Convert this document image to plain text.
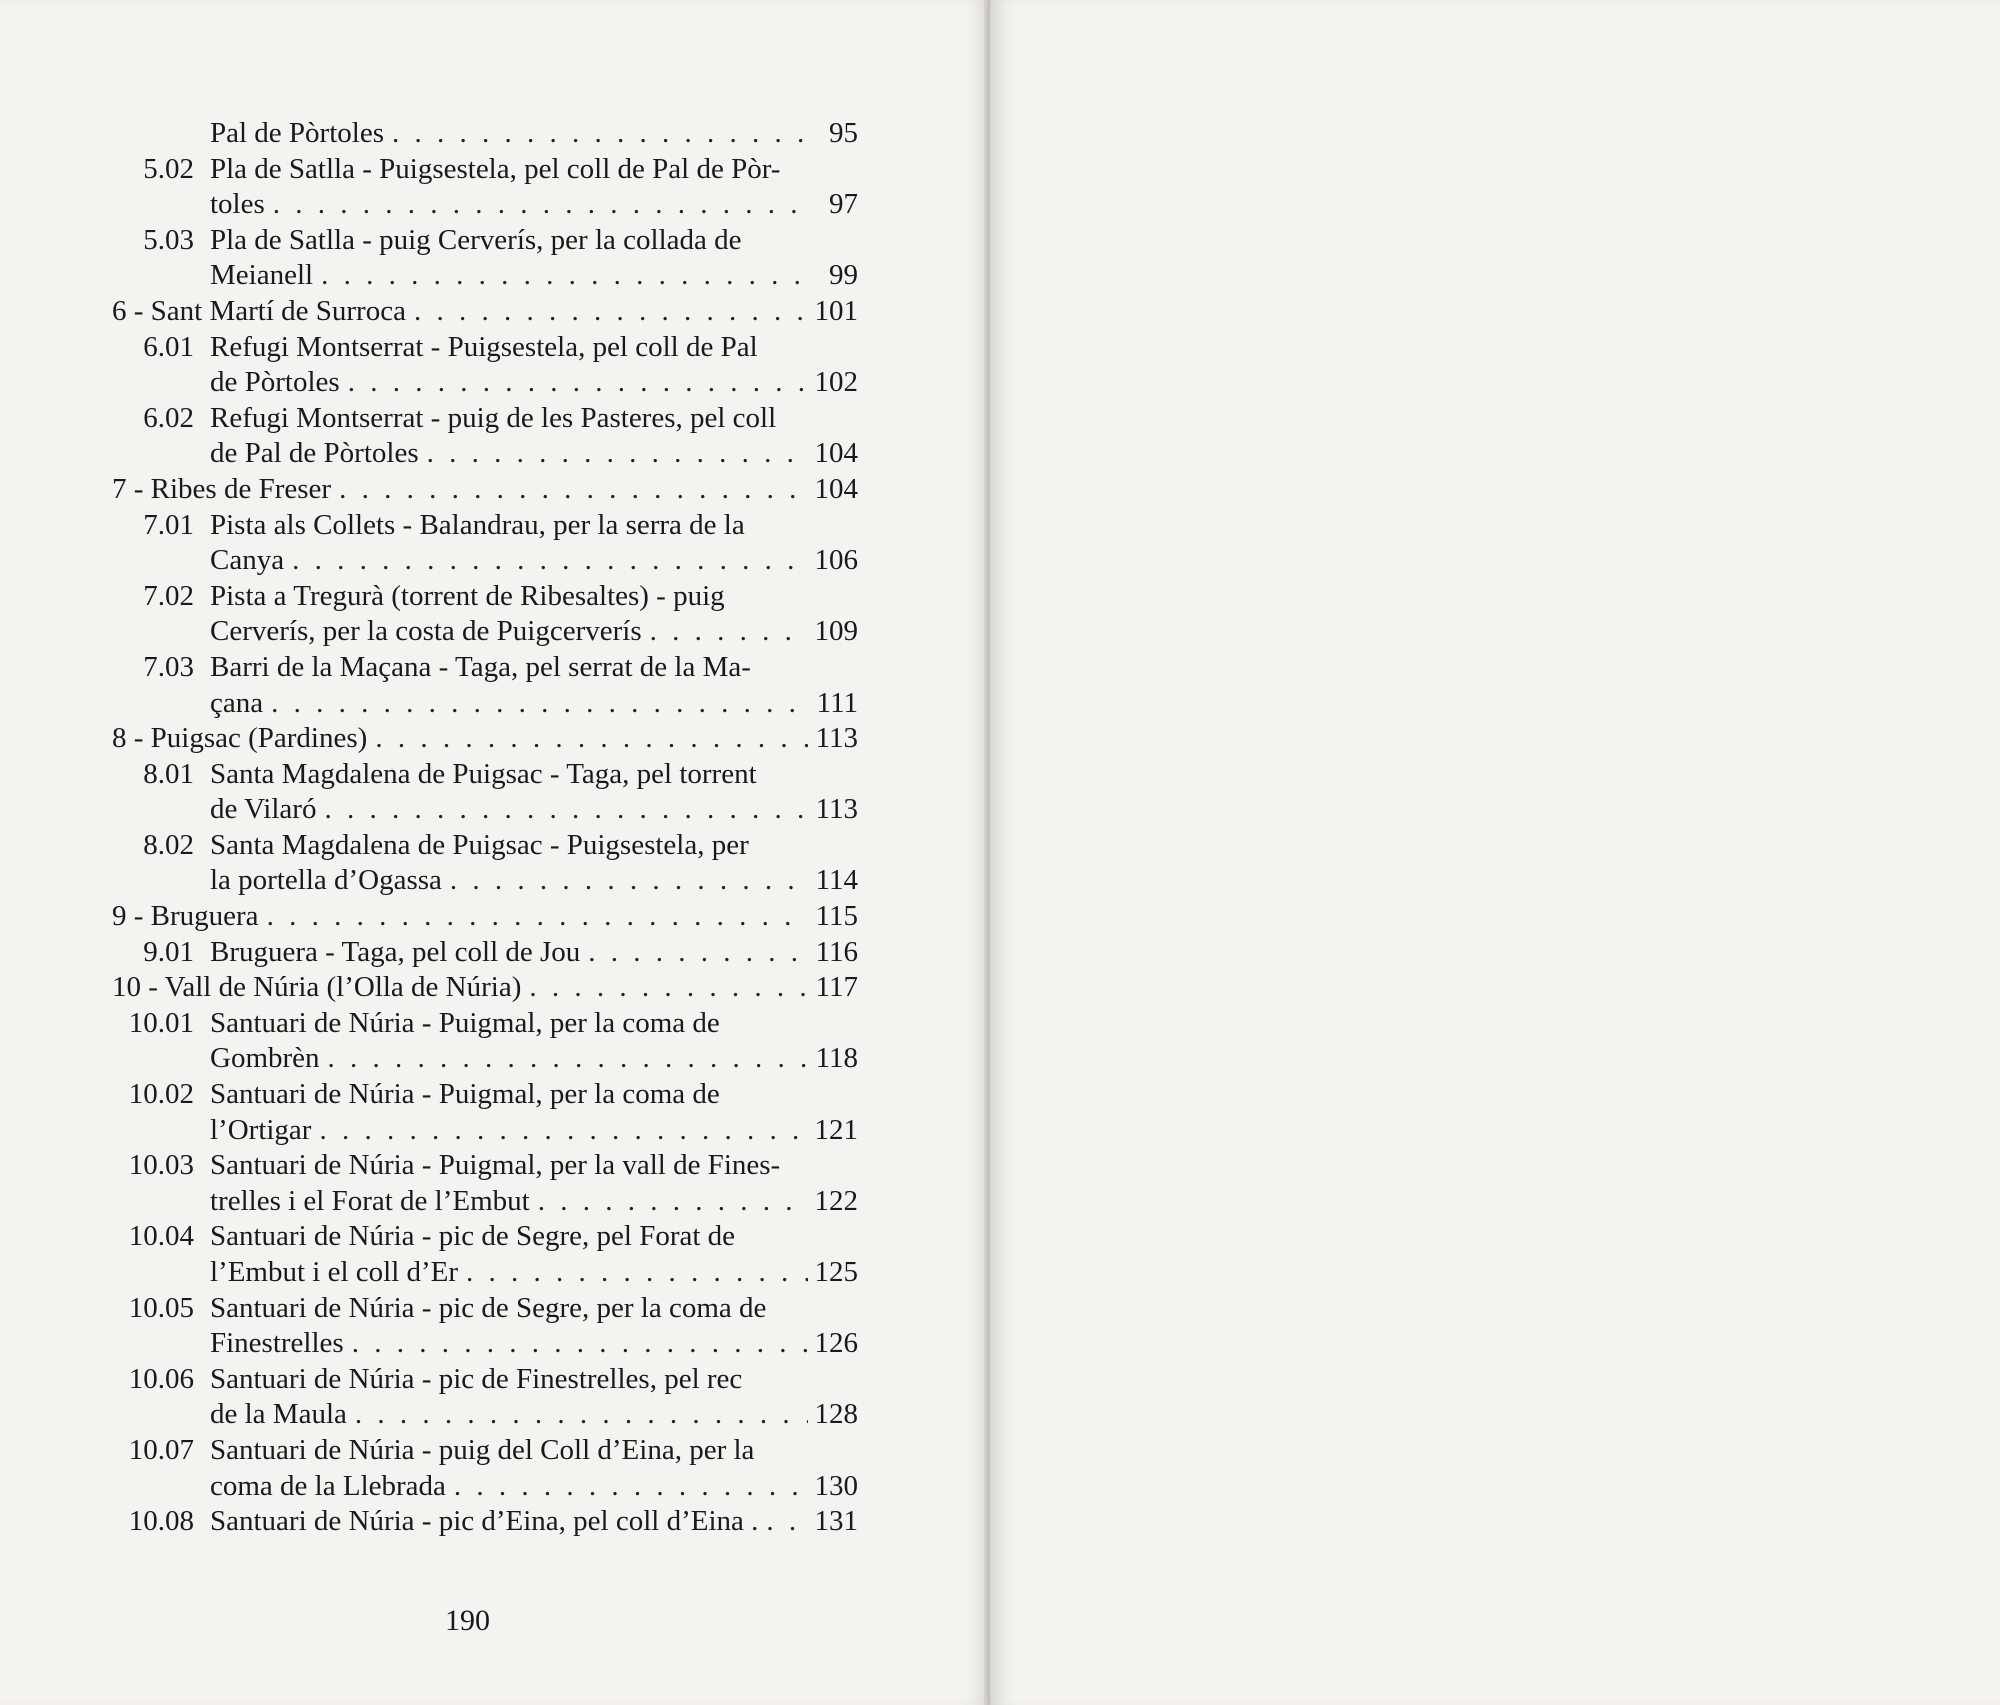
Pal de Pòrtoles . . .	95
5.02 Pla de Satlla - Puigsestela, pel coll de Pal de Pòr-
toles . . .	97
5.03 Pla de Satlla - puig Cerverís, per la collada de
Meianell . . .	99
6 - Sant Martí de Surroca . . .	101
6.01 Refugi Montserrat - Puigsestela, pel coll de Pal
de Pòrtoles . . .	102
6.02 Refugi Montserrat - puig de les Pasteres, pel coll
de Pal de Pòrtoles . . .	104
7 - Ribes de Freser . . .	104
7.01 Pista als Collets - Balandrau, per la serra de la
Canya . . .	106
7.02 Pista a Tregurà (torrent de Ribesaltes) - puig
Cerverís, per la costa de Puigcerverís . . .	109
7.03 Barri de la Maçana - Taga, pel serrat de la Ma-
çana . . .	111
8 - Puigsac (Pardines) . . .	113
8.01 Santa Magdalena de Puigsac - Taga, pel torrent
de Vilaró . . .	113
8.02 Santa Magdalena de Puigsac - Puigsestela, per
la portella d’Ogassa . . .	114
9 - Bruguera . . .	115
9.01 Bruguera - Taga, pel coll de Jou . . .	116
10 - Vall de Núria (l’Olla de Núria) . . .	117
10.01 Santuari de Núria - Puigmal, per la coma de
Gombrèn . . .	118
10.02 Santuari de Núria - Puigmal, per la coma de
l’Ortigar . . .	121
10.03 Santuari de Núria - Puigmal, per la vall de Fines-
trelles i el Forat de l’Embut . . .	122
10.04 Santuari de Núria - pic de Segre, pel Forat de
l’Embut i el coll d’Er . . .	125
10.05 Santuari de Núria - pic de Segre, per la coma de
Finestrelles . . .	126
10.06 Santuari de Núria - pic de Finestrelles, pel rec
de la Maula . . .	128
10.07 Santuari de Núria - puig del Coll d’Eina, per la
coma de la Llebrada . . .	130
10.08 Santuari de Núria - pic d’Eina, pel coll d’Eina . . . . 131
190
